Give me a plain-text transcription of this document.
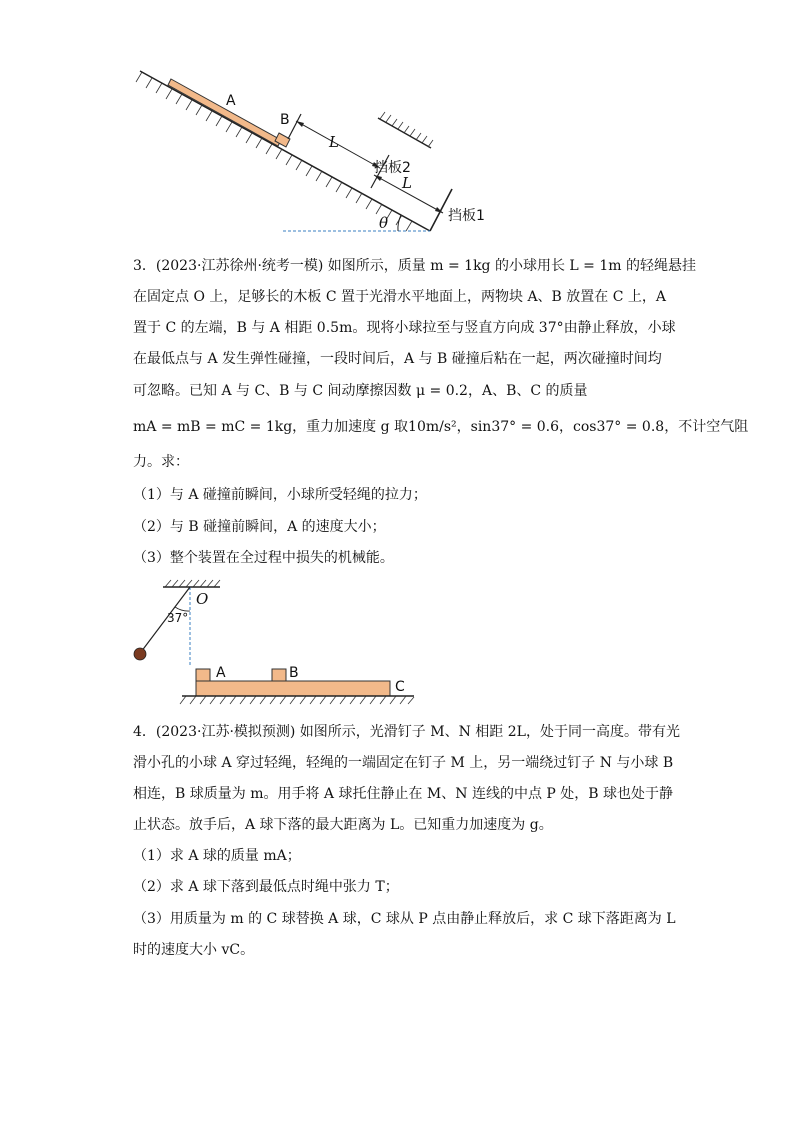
A
B
L
挡板2
L
挡板1
θ
3．(2023·江苏徐州·统考一模) 如图所示，质量 m = 1kg 的小球用长 L = 1m 的轻绳悬挂
在固定点 O 上，足够长的木板 C 置于光滑水平地面上，两物块 A、B 放置在 C 上，A
置于 C 的左端，B 与 A 相距 0.5m。现将小球拉至与竖直方向成 37°由静止释放，小球
在最低点与 A 发生弹性碰撞，一段时间后，A 与 B 碰撞后粘在一起，两次碰撞时间均
可忽略。已知 A 与 C、B 与 C 间动摩擦因数 μ = 0.2，A、B、C 的质量
mA = mB = mC = 1kg，重力加速度 g 取10m/s²，sin37° = 0.6，cos37° = 0.8，不计空气阻
力。求：
（1）与 A 碰撞前瞬间，小球所受轻绳的拉力；
（2）与 B 碰撞前瞬间，A 的速度大小；
（3）整个装置在全过程中损失的机械能。
O
37°
A	B
C
4．(2023·江苏·模拟预测) 如图所示，光滑钉子 M、N 相距 2L，处于同一高度。带有光
滑小孔的小球 A 穿过轻绳，轻绳的一端固定在钉子 M 上，另一端绕过钉子 N 与小球 B
相连，B 球质量为 m。用手将 A 球托住静止在 M、N 连线的中点 P 处，B 球也处于静
止状态。放手后，A 球下落的最大距离为 L。已知重力加速度为 g。
（1）求 A 球的质量 mA；
（2）求 A 球下落到最低点时绳中张力 T；
（3）用质量为 m 的 C 球替换 A 球，C 球从 P 点由静止释放后，求 C 球下落距离为 L
时的速度大小 vC。
